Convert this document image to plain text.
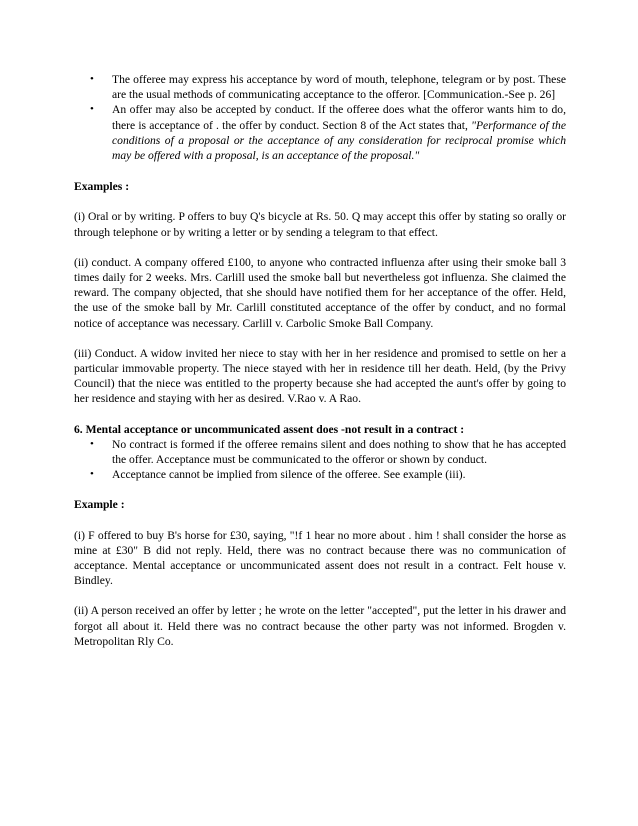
• The offeree may express his acceptance by word of mouth, telephone, telegram or by post. These are the usual methods of communicating acceptance to the offeror. [Communication.-See p. 26]
• An offer may also be accepted by conduct. If the offeree does what the offeror wants him to do, there is acceptance of . the offer by conduct. Section 8 of the Act states that, "Performance of the conditions of a proposal or the acceptance of any consideration for reciprocal promise which may be offered with a proposal, is an acceptance of the proposal."

Examples :

(i) Oral or by writing. P offers to buy Q's bicycle at Rs. 50. Q may accept this offer by stating so orally or through telephone or by writing a letter or by sending a telegram to that effect.

(ii) conduct. A company offered £100, to anyone who contracted influenza after using their smoke ball 3 times daily for 2 weeks. Mrs. Carlill used the smoke ball but nevertheless got influenza. She claimed the reward. The company objected, that she should have notified them for her acceptance of the offer. Held, the use of the smoke ball by Mr. Carlill constituted acceptance of the offer by conduct, and no formal notice of acceptance was necessary. Carlill v. Carbolic Smoke Ball Company.

(iii) Conduct. A widow invited her niece to stay with her in her residence and promised to settle on her a particular immovable property. The niece stayed with her in residence till her death. Held, (by the Privy Council) that the niece was entitled to the property because she had accepted the aunt's offer by going to her residence and staying with her as desired. V.Rao v. A Rao.

6. Mental acceptance or uncommunicated assent does -not result in a contract :

• No contract is formed if the offeree remains silent and does nothing to show that he has accepted the offer. Acceptance must be communicated to the offeror or shown by conduct.
• Acceptance cannot be implied from silence of the offeree. See example (iii).

Example :

(i) F offered to buy B's horse for £30, saying, "!f 1 hear no more about . him ! shall consider the horse as mine at £30" B did not reply. Held, there was no contract because there was no communication of acceptance. Mental acceptance or uncommunicated assent does not result in a contract. Felt house v. Bindley.

(ii) A person received an offer by letter ; he wrote on the letter "accepted", put the letter in his drawer and forgot all about it. Held there was no contract because the other party was not informed. Brogden v. Metropolitan Rly Co.
